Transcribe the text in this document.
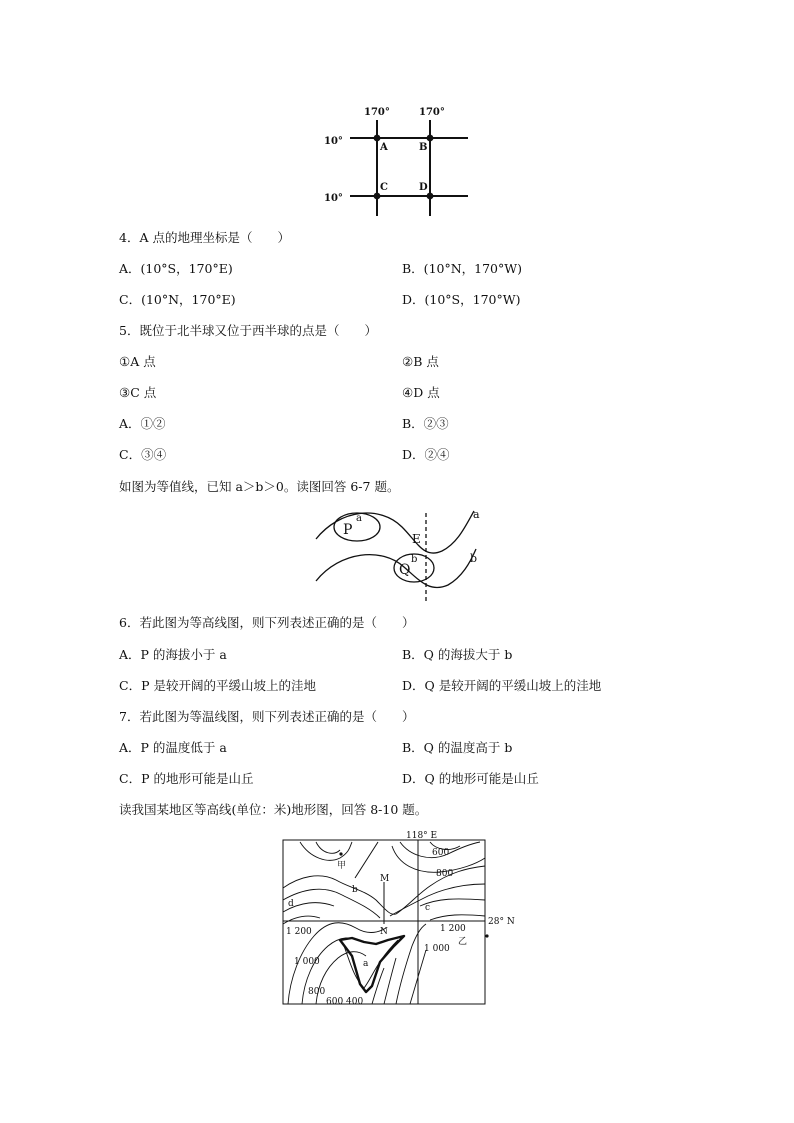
170°	170°
10°
10°
A	B
C	D
4．A 点的地理坐标是（　　）
A．(10°S，170°E)	B．(10°N，170°W)
C．(10°N，170°E)	D．(10°S，170°W)
5．既位于北半球又位于西半球的点是（　　）
①A 点	②B 点
③C 点	④D 点
A．①②	B．②③
C．③④	D．②④
如图为等值线，已知 a＞b＞0。读图回答 6-7 题。
P
a
E
Q
b
a
b
6．若此图为等高线图，则下列表述正确的是（　　）
A．P 的海拔小于 a	B．Q 的海拔大于 b
C．P 是较开阔的平缓山坡上的洼地	D．Q 是较开阔的平缓山坡上的洼地
7．若此图为等温线图，则下列表述正确的是（　　）
A．P 的温度低于 a	B．Q 的温度高于 b
C．P 的地形可能是山丘	D．Q 的地形可能是山丘
读我国某地区等高线(单位：米)地形图，回答 8-10 题。
118° E
28° N
甲
乙
M
N
a
b
c
d
600
800
1 200
1 000
800
600 400
1 000
1 200
